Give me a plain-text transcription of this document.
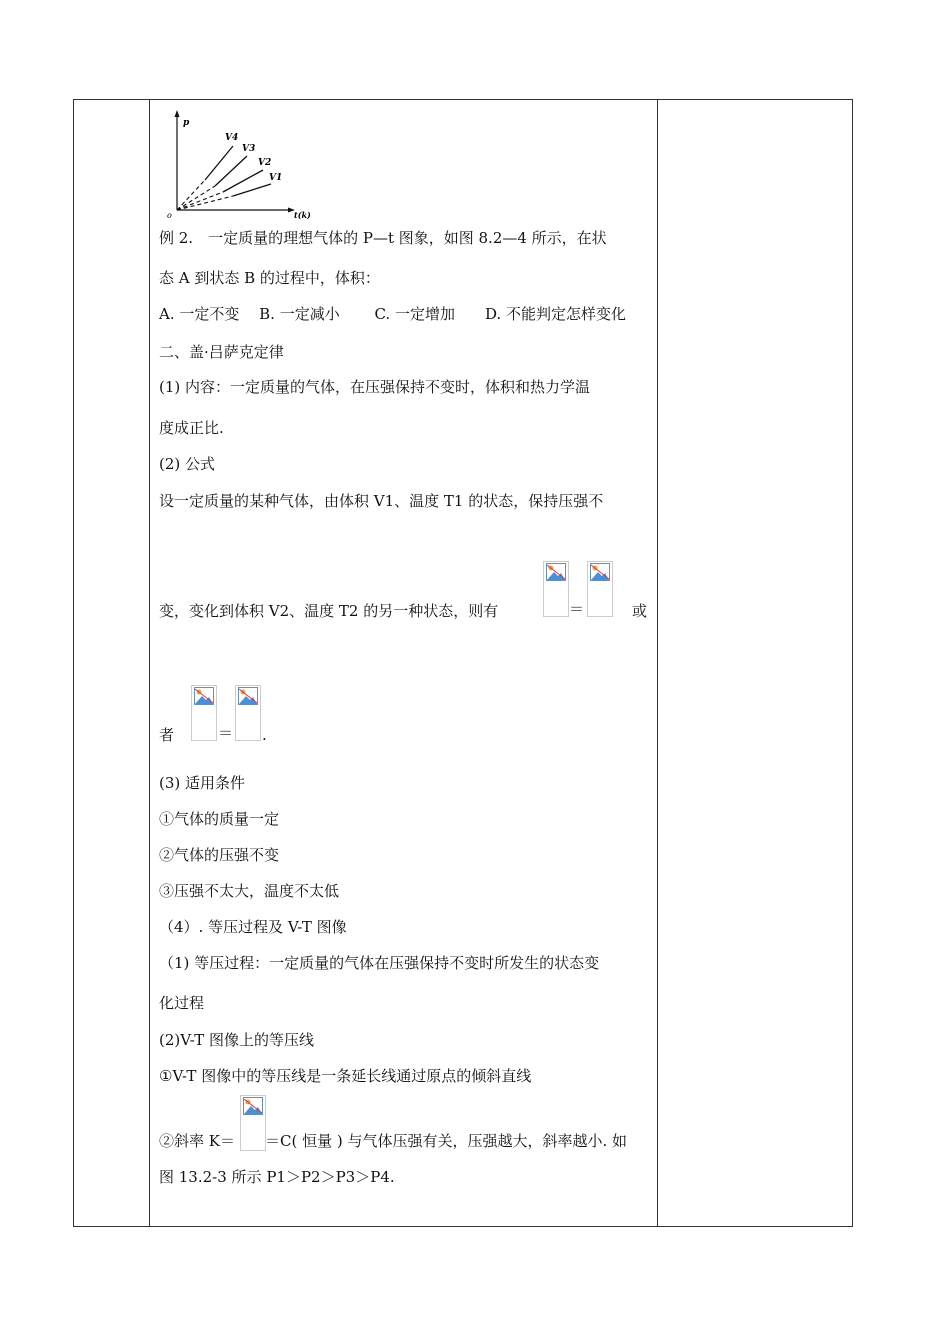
p
o	t(k)
V4
V3
V2
V1
例 2.　一定质量的理想气体的 P—t 图象，如图 8.2—4 所示，在状
态 A 到状态 B 的过程中，体积：
A. 一定不变　 B. 一定减小　　 C. 一定增加　　D. 不能判定怎样变化
二、盖·吕萨克定律
(1) 内容：一定质量的气体，在压强保持不变时，体积和热力学温
度成正比.
(2) 公式
设一定质量的某种气体，由体积 V1、温度 T1 的状态，保持压强不
变，变化到体积 V2、温度 T2 的另一种状态，则有	＝	或
者	＝ .
(3) 适用条件
①气体的质量一定
②气体的压强不变
③压强不太大，温度不太低
（4）. 等压过程及 V-T 图像
（1) 等压过程：一定质量的气体在压强保持不变时所发生的状态变
化过程
(2)V-T 图像上的等压线
①V-T 图像中的等压线是一条延长线通过原点的倾斜直线
②斜率 K＝ ＝C( 恒量 ) 与气体压强有关，压强越大，斜率越小. 如
图 13.2-3 所示 P1＞P2＞P3＞P4.
